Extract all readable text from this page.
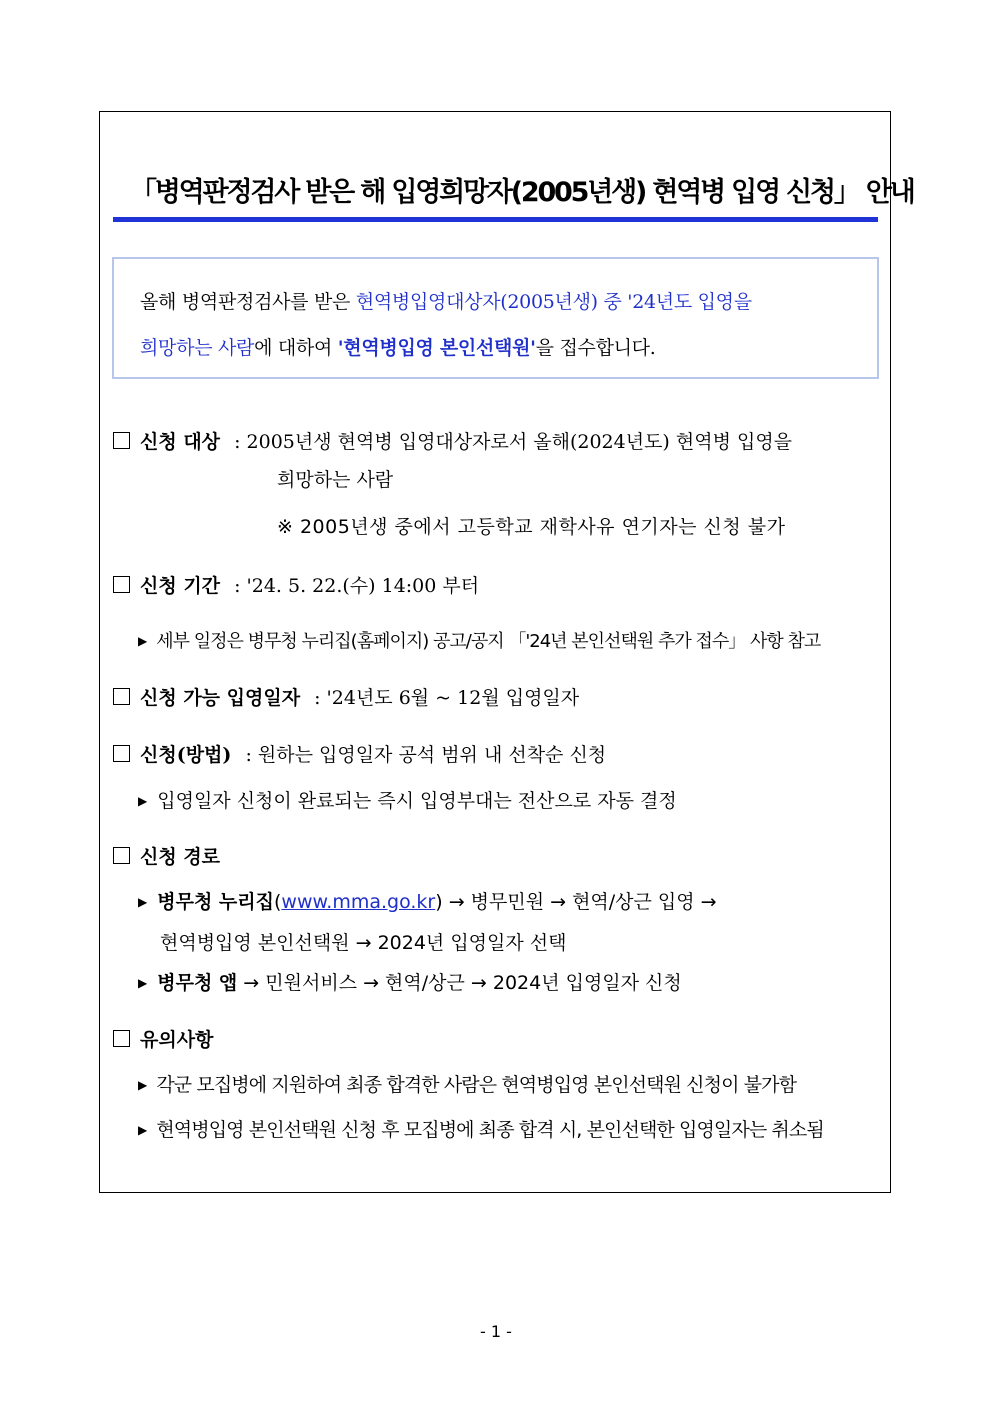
「병역판정검사 받은 해 입영희망자(2005년생) 현역병 입영 신청」 안내
올해 병역판정검사를 받은 현역병입영대상자(2005년생) 중 '24년도 입영을
희망하는 사람에 대하여 '현역병입영 본인선택원'을 접수합니다.
신청 대상 : 2005년생 현역병 입영대상자로서 올해(2024년도) 현역병 입영을
희망하는 사람
※ 2005년생 중에서 고등학교 재학사유 연기자는 신청 불가
신청 기간 : '24. 5. 22.(수) 14:00 부터
▶ 세부 일정은 병무청 누리집(홈페이지) 공고/공지 「'24년 본인선택원 추가 접수」 사항 참고
신청 가능 입영일자 : '24년도 6월 ~ 12월 입영일자
신청(방법) : 원하는 입영일자 공석 범위 내 선착순 신청
▶ 입영일자 신청이 완료되는 즉시 입영부대는 전산으로 자동 결정
신청 경로
▶ 병무청 누리집(www.mma.go.kr) → 병무민원 → 현역/상근 입영 →
현역병입영 본인선택원 → 2024년 입영일자 선택
▶ 병무청 앱 → 민원서비스 → 현역/상근 → 2024년 입영일자 신청
유의사항
▶ 각군 모집병에 지원하여 최종 합격한 사람은 현역병입영 본인선택원 신청이 불가함
▶ 현역병입영 본인선택원 신청 후 모집병에 최종 합격 시, 본인선택한 입영일자는 취소됨
- 1 -
